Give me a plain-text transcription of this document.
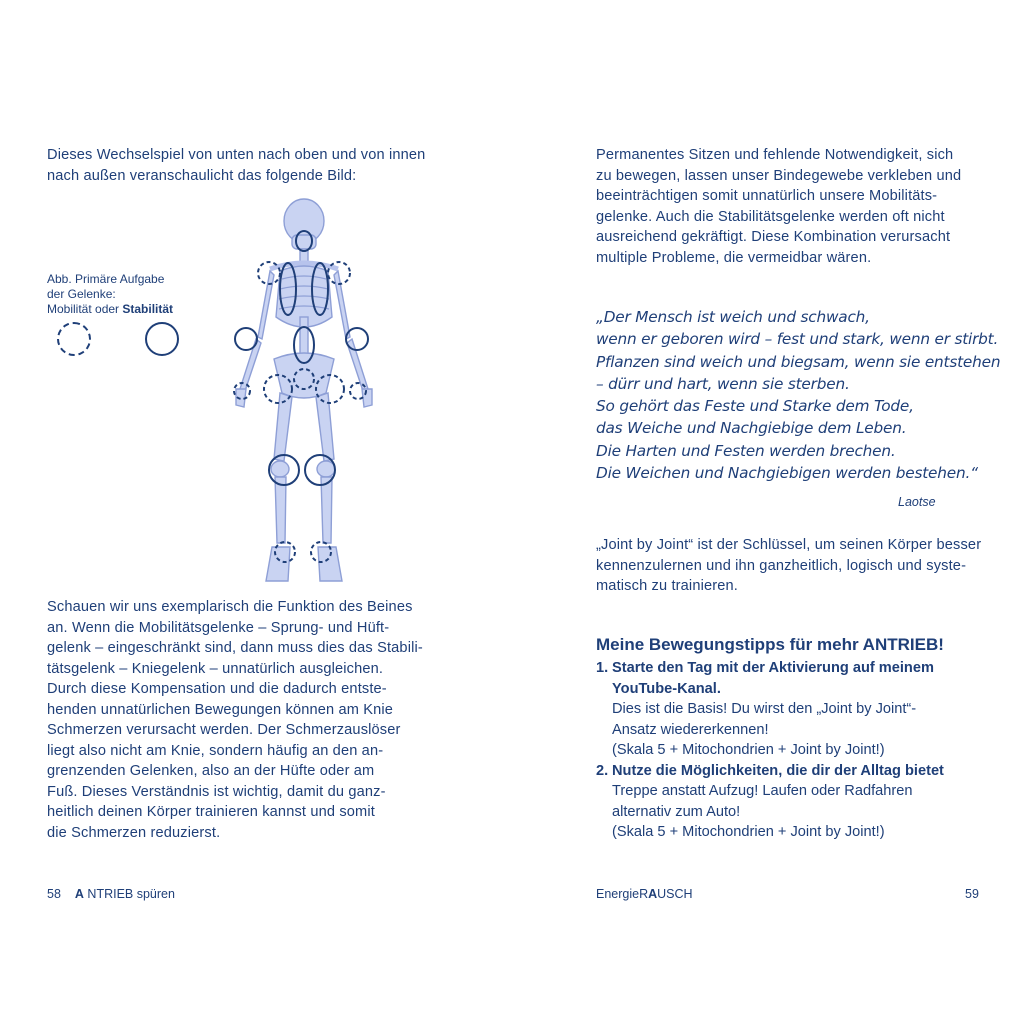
Dieses Wechselspiel von unten nach oben und von innen nach außen veranschaulicht das folgende Bild:

Abb. Primäre Aufgabe
der Gelenke:
Mobilität oder Stabilität

Schauen wir uns exemplarisch die Funktion des Beines

an. Wenn die Mobilitätsgelenke – Sprung- und Hüft-

gelenk – eingeschränkt sind, dann muss dies das Stabili-

tätsgelenk – Kniegelenk – unnatürlich ausgleichen.

Durch diese Kompensation und die dadurch entste-

henden unnatürlichen Bewegungen können am Knie

Schmerzen verursacht werden. Der Schmerzauslöser

liegt also nicht am Knie, sondern häufig an den an-

grenzenden Gelenken, also an der Hüfte oder am

Fuß. Dieses Verständnis ist wichtig, damit du ganz-

heitlich deinen Körper trainieren kannst und somit

die Schmerzen reduzierst.

58 A NTRIEB spüren

Permanentes Sitzen und fehlende Notwendigkeit, sich

zu bewegen, lassen unser Bindegewebe verkleben und

beeinträchtigen somit unnatürlich unsere Mobilitäts-

gelenke. Auch die Stabilitätsgelenke werden oft nicht

ausreichend gekräftigt. Diese Kombination verursacht

multiple Probleme, die vermeidbar wären.

„Der Mensch ist weich und schwach,

wenn er geboren wird – fest und stark, wenn er stirbt.

Pflanzen sind weich und biegsam, wenn sie entstehen

– dürr und hart, wenn sie sterben.

So gehört das Feste und Starke dem Tode,

das Weiche und Nachgiebige dem Leben.

Die Harten und Festen werden brechen.

Die Weichen und Nachgiebigen werden bestehen.“

Laotse

„Joint by Joint“ ist der Schlüssel, um seinen Körper besser

kennenzulernen und ihn ganzheitlich, logisch und syste-

matisch zu trainieren.

Meine Bewegungstipps für mehr ANTRIEB!
1. Starte den Tag mit der Aktivierung auf meinem
YouTube-Kanal.
Dies ist die Basis! Du wirst den „Joint by Joint“-
Ansatz wiedererkennen!
(Skala 5 + Mitochondrien + Joint by Joint!)
2. Nutze die Möglichkeiten, die dir der Alltag bietet
Treppe anstatt Aufzug! Laufen oder Radfahren
alternativ zum Auto!
(Skala 5 + Mitochondrien + Joint by Joint!)
EnergieRAUSCH	59
